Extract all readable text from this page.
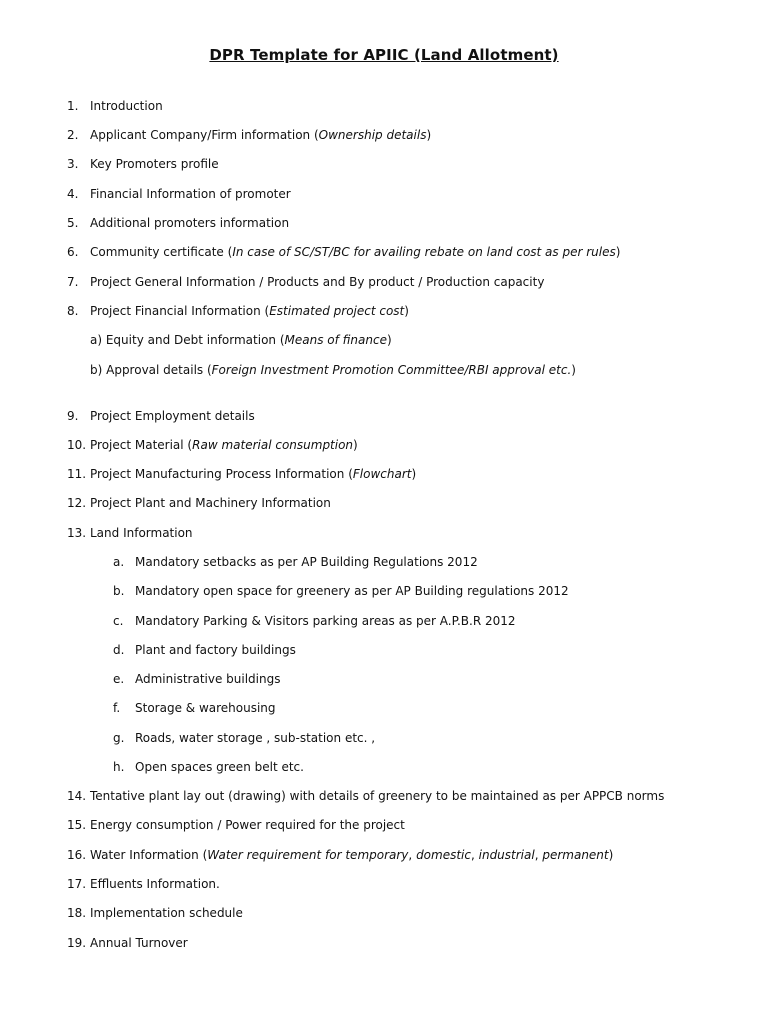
DPR Template for APIIC (Land Allotment)
1. Introduction
2. Applicant Company/Firm information (Ownership details)
3. Key Promoters profile
4. Financial Information of promoter
5. Additional promoters information
6. Community certificate (In case of SC/ST/BC for availing rebate on land cost as per rules)
7. Project General Information / Products and By product / Production capacity
8. Project Financial Information (Estimated project cost)
a) Equity and Debt information (Means of finance)
b) Approval details (Foreign Investment Promotion Committee/RBI approval etc.)
9. Project Employment details
10. Project Material (Raw material consumption)
11. Project Manufacturing Process Information (Flowchart)
12. Project Plant and Machinery Information
13. Land Information
a. Mandatory setbacks as per AP Building Regulations 2012
b. Mandatory open space for greenery as per AP Building regulations 2012
c. Mandatory Parking & Visitors parking areas as per A.P.B.R 2012
d. Plant and factory buildings
e. Administrative buildings
f. Storage & warehousing
g. Roads, water storage , sub-station etc. ,
h. Open spaces green belt etc.
14. Tentative plant lay out (drawing) with details of greenery to be maintained as per APPCB norms
15. Energy consumption / Power required for the project
16. Water Information (Water requirement for temporary, domestic, industrial, permanent)
17. Effluents Information.
18. Implementation schedule
19. Annual Turnover
